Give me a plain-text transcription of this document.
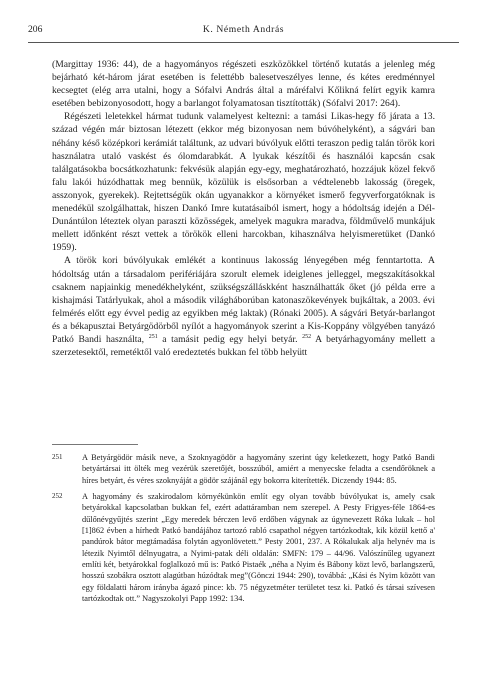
206	K. Németh András

(Margittay 1936: 44), de a hagyományos régészeti eszközökkel történő kutatás a jelenleg még bejárható két-három járat esetében is felettébb balesetveszélyes lenne, és kétes eredménnyel kecsegtet (elég arra utalni, hogy a Sófalvi András által a máréfalvi Kőlikná felírt egyik kamra esetében bebizonyosodott, hogy a barlangot folyamatosan tisztították) (Sófalvi 2017: 264).

Régészeti leletekkel hármat tudunk valamelyest keltezni: a tamási Likas-hegy fő járata a 13. század végén már biztosan létezett (ekkor még bizonyosan nem búvóhelyként), a ságvári ban néhány késő középkori kerámiát találtunk, az udvari búvólyuk előtti teraszon pedig talán török kori használatra utaló vaskést és ólomdarabkát. A lyukak készítői és használói kapcsán csak találgatásokba bocsátkozhatunk: fekvésük alapján egy-egy, meghatározható, hozzájuk közel fekvő falu lakói húzódhattak meg bennük, közülük is elsősorban a védtelenebb lakosság (öregek, asszonyok, gyerekek). Rejtettségük okán ugyanakkor a környéket ismerő fegyverforgatóknak is menedékül szolgálhattak, hiszen Dankó Imre kutatásaiból ismert, hogy a hódoltság idején a Dél-Dunántúlon léteztek olyan paraszti közösségek, amelyek magukra maradva, földművelő munkájuk mellett időnként részt vettek a törökök elleni harcokban, kihasználva helyismeretüket (Dankó 1959).

A török kori búvólyukak emlékét a kontinuus lakosság lényegében még fenntartotta. A hódoltság után a társadalom perifériájára szorult elemek ideiglenes jelleggel, megszakításokkal csaknem napjainkig menedékhelyként, szükségszálláskként használhatták őket (jó példa erre a kishajmási Tatárlyukak, ahol a második világháborúban katonaszökevények bujkáltak, a 2003. évi felmérés előtt egy évvel pedig az egyikben még laktak) (Rónaki 2005). A ságvári Betyár-barlangot és a békapusztai Betyárgödörből nyílót a hagyományok szerint a Kis-Koppány völgyében tanyázó Patkó Bandi használta, $^{251}$ a tamásit pedig egy helyi betyár. $^{252}$ A betyárhagyomány mellett a szerzetesektől, remetéktől való eredeztetés bukkan fel több helyütt

251 A Betyárgödör másik neve, a Szoknyagödör a hagyomány szerint úgy keletkezett, hogy Patkó Bandi betyártársai itt ölték meg vezérük szeretőjét, bosszúból, amiért a menyecske feladta a csendőröknek a híres betyárt, és véres szoknyáját a gödör szájánál egy bokorra kiterítették. Diczendy 1944: 85.
252 A hagyomány és szakirodalom környékünkön említ egy olyan tovább búvólyukat is, amely csak betyárokkal kapcsolatban bukkan fel, ezért adattáramban nem szerepel. A Pesty Frigyes-féle 1864-es dűlőnévgyűjtés szerint „Egy meredek bérczen levő erdőben vágynak az úgynevezett Róka lukak – hol [1]862 évben a hírhedt Patkó bandájához tartozó rabló csapathol négyen tartózkodtak, kik közül kettő a' pandúrok bátor megtámadása folytán agyonlövetett.” Pesty 2001, 237. A Rókalukak alja helynév ma is létezik Nyimtől délnyugatra, a Nyimi-patak déli oldalán: SMFN: 179 – 44/96. Valószínűleg ugyanezt említi két, betyárokkal foglalkozó mű is: Patkó Pistaék „néha a Nyim és Bábony közt levő, barlangszerű, hosszú szobákra osztott alagútban húzódtak meg”(Gönczi 1944: 290), továbbá: „Kási és Nyim között van egy földalatti három irányba ágazó pince: kb. 75 négyzetméter területet tesz ki. Patkó és társai szívesen tartózkodtak ott.” Nagyszokolyi Papp 1992: 134.
